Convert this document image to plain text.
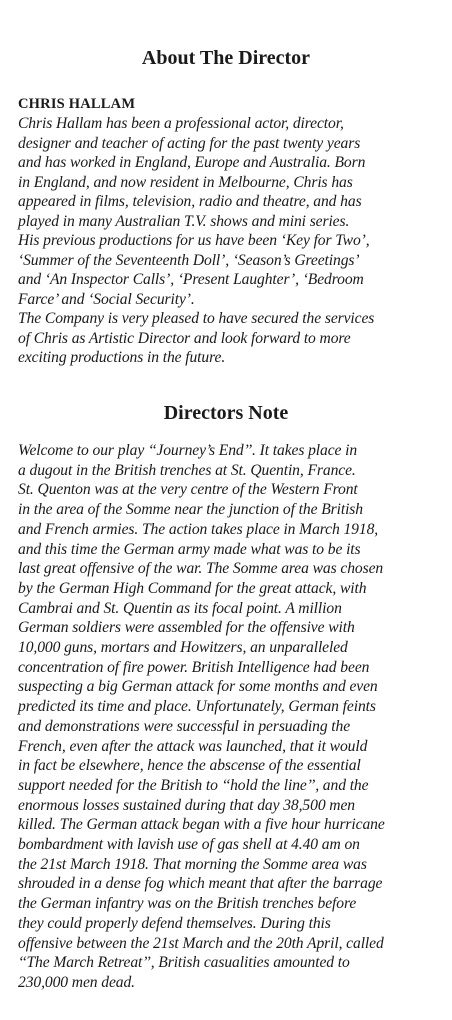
About The Director

CHRIS HALLAM

Chris Hallam has been a professional actor, director,
designer and teacher of acting for the past twenty years
and has worked in England, Europe and Australia. Born
in England, and now resident in Melbourne, Chris has
appeared in films, television, radio and theatre, and has
played in many Australian T.V. shows and mini series.

His previous productions for us have been ‘Key for Two’,
‘Summer of the Seventeenth Doll’, ‘Season’s Greetings’
and ‘An Inspector Calls’, ‘Present Laughter’, ‘Bedroom
Farce’ and ‘Social Security’.

The Company is very pleased to have secured the services
of Chris as Artistic Director and look forward to more
exciting productions in the future.

Directors Note

Welcome to our play ‘‘Journey’s End’’. It takes place in
a dugout in the British trenches at St. Quentin, France.
St. Quenton was at the very centre of the Western Front
in the area of the Somme near the junction of the British
and French armies. The action takes place in March 1918,
and this time the German army made what was to be its
last great offensive of the war. The Somme area was chosen
by the German High Command for the great attack, with
Cambrai and St. Quentin as its focal point. A million
German soldiers were assembled for the offensive with
10,000 guns, mortars and Howitzers, an unparalleled
concentration of fire power. British Intelligence had been
suspecting a big German attack for some months and even
predicted its time and place. Unfortunately, German feints
and demonstrations were successful in persuading the
French, even after the attack was launched, that it would
in fact be elsewhere, hence the abscense of the essential
support needed for the British to ‘‘hold the line’’, and the
enormous losses sustained during that day 38,500 men
killed. The German attack began with a five hour hurricane
bombardment with lavish use of gas shell at 4.40 am on
the 21st March 1918. That morning the Somme area was
shrouded in a dense fog which meant that after the barrage
the German infantry was on the British trenches before
they could properly defend themselves. During this
offensive between the 21st March and the 20th April, called
‘‘The March Retreat’’, British casualities amounted to
230,000 men dead.
